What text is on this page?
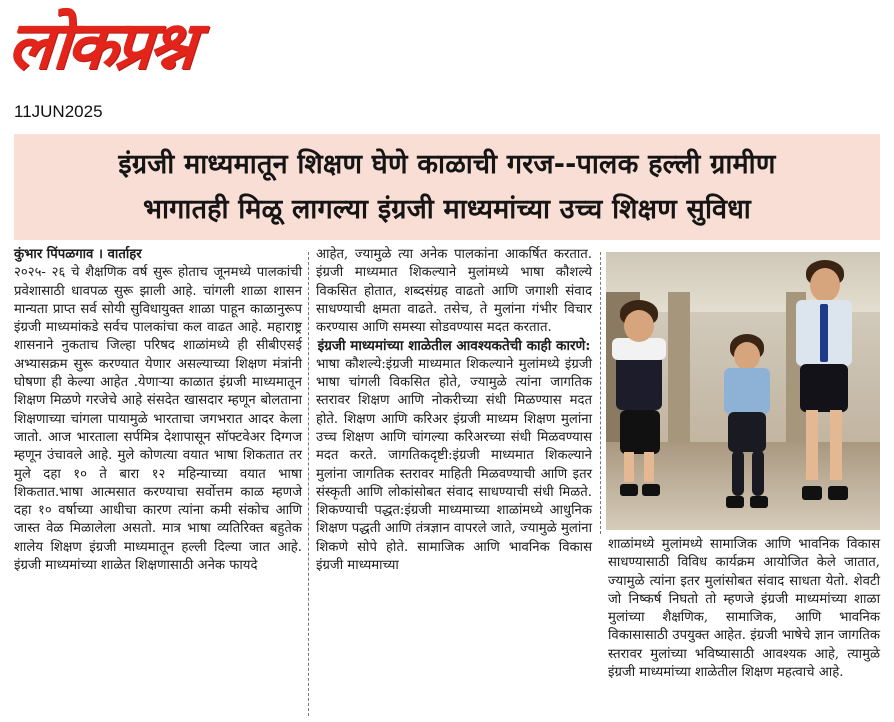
लोकप्रश्न
11JUN2025
इंग्रजी माध्यमातून शिक्षण घेणे काळाची गरज--पालक हल्ली ग्रामीण
भागातही मिळू लागल्या इंग्रजी माध्यमांच्या उच्च शिक्षण सुविधा

कुंभार पिंपळगाव । वार्ताहर

२०२५- २६ चे शैक्षणिक वर्ष सुरू होताच जूनमध्ये पालकांची प्रवेशासाठी धावपळ सुरू झाली आहे. चांगली शाळा शासन मान्यता प्राप्त सर्व सोयी सुविधायुक्त शाळा पाहून काळानुरूप इंग्रजी माध्यमांकडे सर्वच पालकांचा कल वाढत आहे. महाराष्ट्र शासनाने नुकताच जिल्हा परिषद शाळांमध्ये ही सीबीएसई अभ्यासक्रम सुरू करण्यात येणार असल्याच्या शिक्षण मंत्रांनी घोषणा ही केल्या आहेत .येणाऱ्या काळात इंग्रजी माध्यमातून शिक्षण मिळणे गरजेचे आहे संसदेत खासदार म्हणून बोलताना शिक्षणाच्या चांगला पायामुळे भारताचा जगभरात आदर केला जातो. आज भारताला सर्पमित्र देशापासून सॉफ्टवेअर दिग्गज म्हणून उंचावले आहे. मुले कोणत्या वयात भाषा शिकतात तर मुले दहा १० ते बारा १२ महिन्याच्या वयात भाषा शिकतात.भाषा आत्मसात करण्याचा सर्वोत्तम काळ म्हणजे दहा १० वर्षाच्या आधीचा कारण त्यांना कमी संकोच आणि जास्त वेळ मिळालेला असतो. मात्र भाषा व्यतिरिक्त बहुतेक शालेय शिक्षण इंग्रजी माध्यमातून हल्ली दिल्या जात आहे. इंग्रजी माध्यमांच्या शाळेत शिक्षणासाठी अनेक फायदे

आहेत, ज्यामुळे त्या अनेक पालकांना आकर्षित करतात. इंग्रजी माध्यमात शिकल्याने मुलांमध्ये भाषा कौशल्ये विकसित होतात, शब्दसंग्रह वाढतो आणि जगाशी संवाद साधण्याची क्षमता वाढते. तसेच, ते मुलांना गंभीर विचार करण्यास आणि समस्या सोडवण्यास मदत करतात.

इंग्रजी माध्यमांच्या शाळेतील आवश्यकतेची काही कारणे:

भाषा कौशल्ये:इंग्रजी माध्यमात शिकल्याने मुलांमध्ये इंग्रजी भाषा चांगली विकसित होते, ज्यामुळे त्यांना जागतिक स्तरावर शिक्षण आणि नोकरीच्या संधी मिळण्यास मदत होते. शिक्षण आणि करिअर इंग्रजी माध्यम शिक्षण मुलांना उच्च शिक्षण आणि चांगल्या करिअरच्या संधी मिळवण्यास मदत करते. जागतिकदृष्टी:इंग्रजी माध्यमात शिकल्याने मुलांना जागतिक स्तरावर माहिती मिळवण्याची आणि इतर संस्कृती आणि लोकांसोबत संवाद साधण्याची संधी मिळते. शिकण्याची पद्धत:इंग्रजी माध्यमाच्या शाळांमध्ये आधुनिक शिक्षण पद्धती आणि तंत्रज्ञान वापरले जाते, ज्यामुळे मुलांना शिकणे सोपे होते. सामाजिक आणि भावनिक विकास इंग्रजी माध्यमाच्या

शाळांमध्ये मुलांमध्ये सामाजिक आणि भावनिक विकास साधण्यासाठी विविध कार्यक्रम आयोजित केले जातात, ज्यामुळे त्यांना इतर मुलांसोबत संवाद साधता येतो. शेवटी जो निष्कर्ष निघतो तो म्हणजे इंग्रजी माध्यमांच्या शाळा मुलांच्या शैक्षणिक, सामाजिक, आणि भावनिक विकासासाठी उपयुक्त आहेत. इंग्रजी भाषेचे ज्ञान जागतिक स्तरावर मुलांच्या भविष्यासाठी आवश्यक आहे, त्यामुळे इंग्रजी माध्यमांच्या शाळेतील शिक्षण महत्वाचे आहे.
